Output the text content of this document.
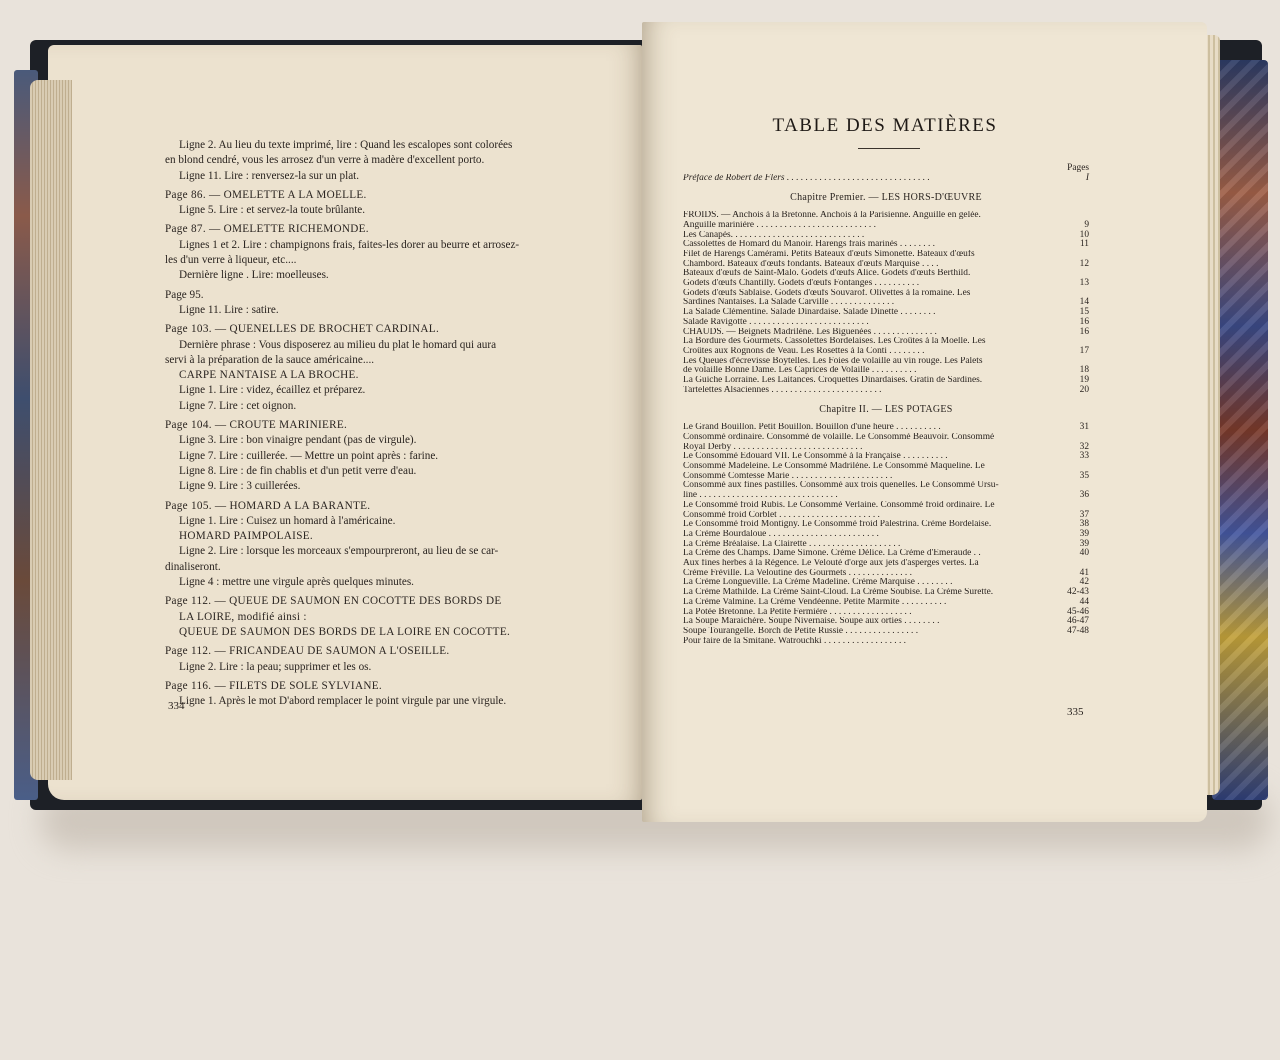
Ligne 2. Au lieu du texte imprimé, lire : Quand les escalopes sont colorées
en blond cendré, vous les arrosez d'un verre à madère d'excellent porto.
Ligne 11. Lire : renversez-la sur un plat.
Page 86. — OMELETTE A LA MOELLE.
Ligne 5. Lire : et servez-la toute brûlante.
Page 87. — OMELETTE RICHEMONDE.
Lignes 1 et 2. Lire : champignons frais, faites-les dorer au beurre et arrosez-
les d'un verre à liqueur, etc....
Dernière ligne . Lire: moelleuses.
Page 95.
Ligne 11. Lire : satire.
Page 103. — QUENELLES DE BROCHET CARDINAL.
Dernière phrase : Vous disposerez au milieu du plat le homard qui aura
servi à la préparation de la sauce américaine....
CARPE NANTAISE A LA BROCHE.
Ligne 1. Lire : videz, écaillez et préparez.
Ligne 7. Lire : cet oignon.
Page 104. — CROUTE MARINIERE.
Ligne 3. Lire : bon vinaigre pendant (pas de virgule).
Ligne 7. Lire : cuillerée. — Mettre un point après : farine.
Ligne 8. Lire : de fin chablis et d'un petit verre d'eau.
Ligne 9. Lire : 3 cuillerées.
Page 105. — HOMARD A LA BARANTE.
Ligne 1. Lire : Cuisez un homard à l'américaine.
HOMARD PAIMPOLAISE.
Ligne 2. Lire : lorsque les morceaux s'empourpreront, au lieu de se car-
dinaliseront.
Ligne 4 : mettre une virgule après quelques minutes.
Page 112. — QUEUE DE SAUMON EN COCOTTE DES BORDS DE
LA LOIRE, modifié ainsi :
QUEUE DE SAUMON DES BORDS DE LA LOIRE EN COCOTTE.
Page 112. — FRICANDEAU DE SAUMON A L'OSEILLE.
Ligne 2. Lire : la peau; supprimer et les os.
Page 116. — FILETS DE SOLE SYLVIANE.
Ligne 1. Après le mot D'abord remplacer le point virgule par une virgule.
334
TABLE DES MATIÈRES
Pages
Préface de Robert de Flers . . . . . . . . . . . . . . . . . . . . . . . . . . . . . . .	I
Chapitre Premier. — LES HORS-D'ŒUVRE
FROIDS. — Anchois à la Bretonne. Anchois à la Parisienne. Anguille en gelée.
Anguille marinière . . . . . . . . . . . . . . . . . . . . . . . . . .	9
Les Canapés. . . . . . . . . . . . . . . . . . . . . . . . . . . . .	10
Cassolettes de Homard du Manoir. Harengs frais marinés . . . . . . . .	11
Filet de Harengs Camérami. Petits Bateaux d'œufs Simonette. Bateaux d'œufs
Chambord. Bateaux d'œufs fondants. Bateaux d'œufs Marquise . . . .	12
Bateaux d'œufs de Saint-Malo. Godets d'œufs Alice. Godets d'œufs Berthild.
Godets d'œufs Chantilly. Godets d'œufs Fontanges . . . . . . . . . .	13
Godets d'œufs Sablaise. Godets d'œufs Souvarof. Olivettes à la romaine. Les
Sardines Nantaises. La Salade Carville . . . . . . . . . . . . . .	14
La Salade Clémentine. Salade Dinardaise. Salade Dinette . . . . . . . .	15
Salade Ravigotte . . . . . . . . . . . . . . . . . . . . . . . . . .	16
CHAUDS. — Beignets Madrilène. Les Biguenées . . . . . . . . . . . . . .	16
La Bordure des Gourmets. Cassolettes Bordelaises. Les Croûtes à la Moelle. Les
Croûtes aux Rognons de Veau. Les Rosettes à la Conti . . . . . . . .	17
Les Queues d'écrevisse Boytelles. Les Foies de volaille au vin rouge. Les Palets
de volaille Bonne Dame. Les Caprices de Volaille . . . . . . . . . .	18
La Guiche Lorraine. Les Laitances. Croquettes Dinardaises. Gratin de Sardines.	19
Tartelettes Alsaciennes . . . . . . . . . . . . . . . . . . . . . . . .	20
Chapitre II. — LES POTAGES
Le Grand Bouillon. Petit Bouillon. Bouillon d'une heure . . . . . . . . . .	31
Consommé ordinaire. Consommé de volaille. Le Consommé Beauvoir. Consommé
Royal Derby . . . . . . . . . . . . . . . . . . . . . . . . . . . .	32
Le Consommé Edouard VII. Le Consommé à la Française . . . . . . . . . .	33
Consommé Madeleine. Le Consommé Madrilène. Le Consommé Maqueline. Le
Consommé Comtesse Marie . . . . . . . . . . . . . . . . . . . . . .	35
Consommé aux fines pastilles. Consommé aux trois quenelles. Le Consommé Ursu-
line . . . . . . . . . . . . . . . . . . . . . . . . . . . . . .	36
Le Consommé froid Rubis. Le Consommé Verlaine. Consommé froid ordinaire. Le
Consommé froid Corblet . . . . . . . . . . . . . . . . . . . . . .	37
Le Consommé froid Montigny. Le Consommé froid Palestrina. Crème Bordelaise.	38
La Crème Bourdaloue . . . . . . . . . . . . . . . . . . . . . . . .	39
La Crème Bréalaise. La Clairette . . . . . . . . . . . . . . . . . . . .	39
La Crème des Champs. Dame Simone. Crème Délice. La Crème d'Emeraude . .	40
Aux fines herbes à la Régence. Le Velouté d'orge aux jets d'asperges vertes. La
Crème Fréville. La Veloutine des Gourmets . . . . . . . . . . . . . .	41
La Crème Longueville. La Crème Madeline. Crème Marquise . . . . . . . .	42
La Crème Mathilde. La Crème Saint-Cloud. La Crème Soubise. La Crème Surette.	42-43
La Crème Valmine. La Crème Vendéenne. Petite Marmite . . . . . . . . . .	44
La Potée Bretonne. La Petite Fermière . . . . . . . . . . . . . . . . . .	45-46
La Soupe Maraichère. Soupe Nivernaise. Soupe aux orties . . . . . . . .	46-47
Soupe Tourangelle. Borch de Petite Russie . . . . . . . . . . . . . . . .	47-48
Pour faire de la Smitane. Watrouchki . . . . . . . . . . . . . . . . . .
335
